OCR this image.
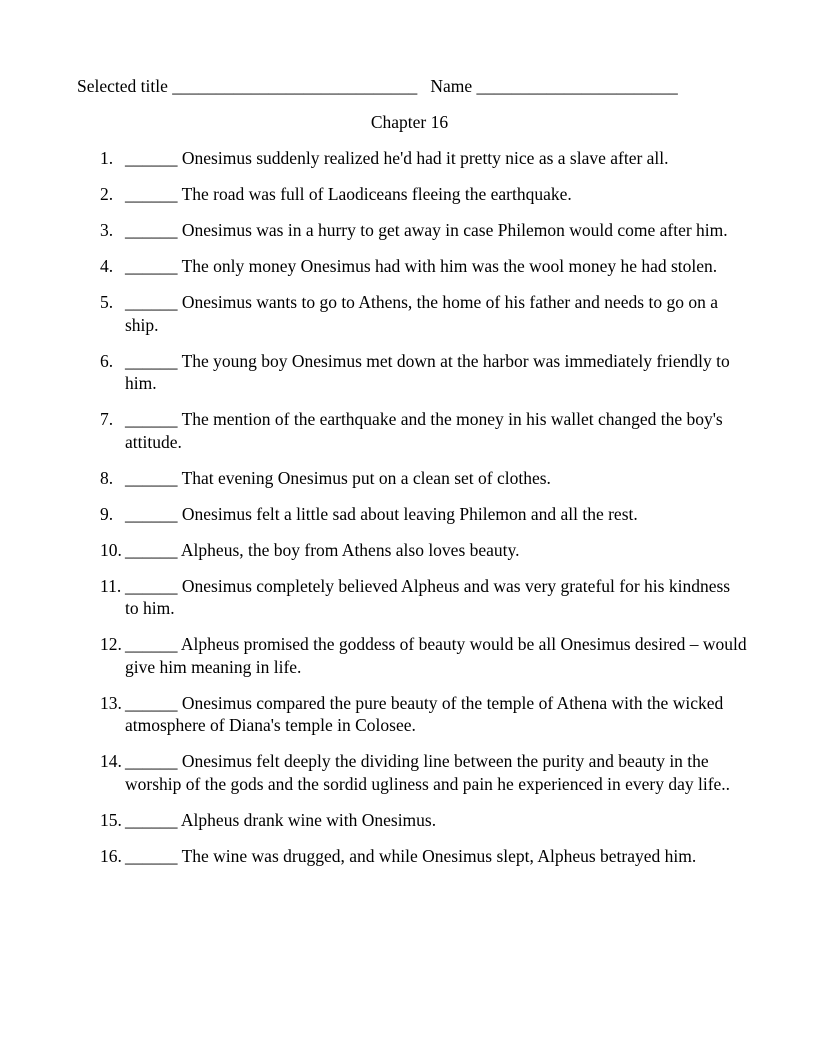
Selected title ____________________________ Name _______________________
Chapter 16
1. ______ Onesimus suddenly realized he'd had it pretty nice as a slave after all.
2. ______ The road was full of Laodiceans fleeing the earthquake.
3. ______ Onesimus was in a hurry to get away in case Philemon would come after him.
4. ______ The only money Onesimus had with him was the wool money he had stolen.
5. ______ Onesimus wants to go to Athens, the home of his father and needs to go on a ship.
6. ______ The young boy Onesimus met down at the harbor was immediately friendly to him.
7. ______ The mention of the earthquake and the money in his wallet changed the boy's attitude.
8. ______ That evening Onesimus put on a clean set of clothes.
9. ______ Onesimus felt a little sad about leaving Philemon and all the rest.
10. ______ Alpheus, the boy from Athens also loves beauty.
11. ______ Onesimus completely believed Alpheus and was very grateful for his kindness to him.
12. ______ Alpheus promised the goddess of beauty would be all Onesimus desired – would give him meaning in life.
13. ______ Onesimus compared the pure beauty of the temple of Athena with the wicked atmosphere of Diana's temple in Colosee.
14. ______ Onesimus felt deeply the dividing line between the purity and beauty in the worship of the gods and the sordid ugliness and pain he experienced in every day life..
15. ______ Alpheus drank wine with Onesimus.
16. ______ The wine was drugged, and while Onesimus slept, Alpheus betrayed him.
